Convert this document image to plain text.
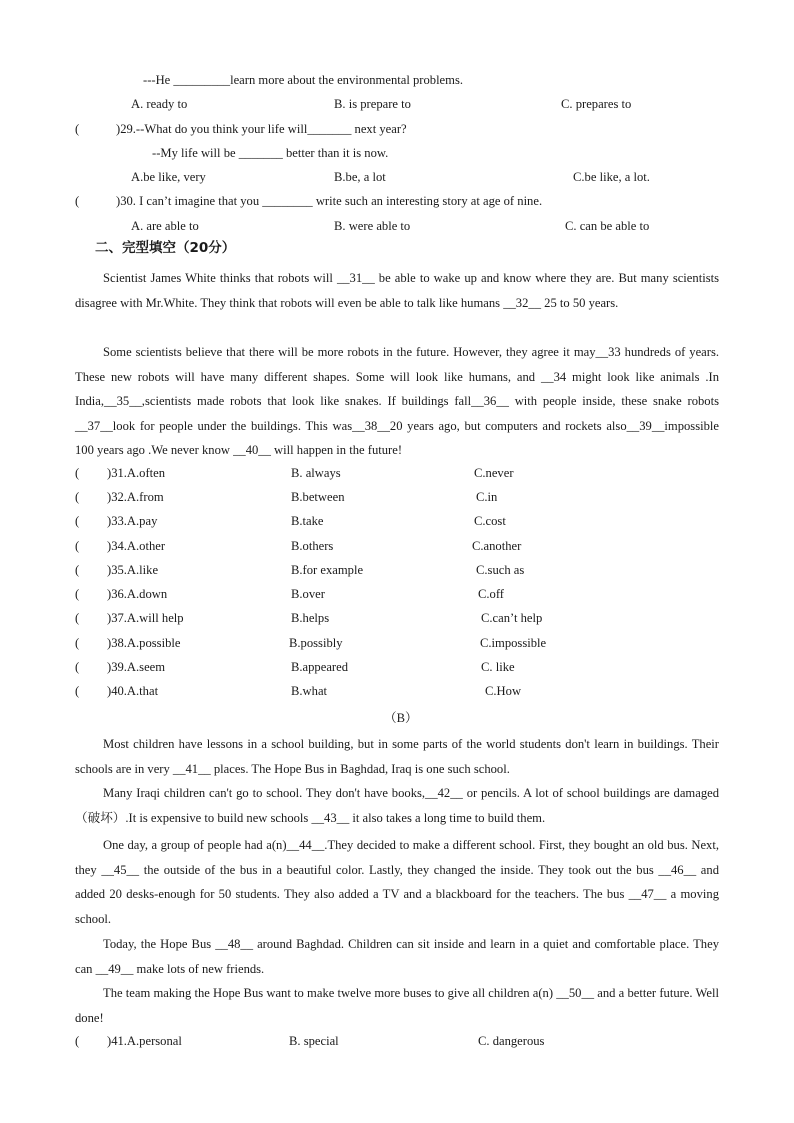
---He _________learn more about the environmental problems.
A. ready to	B. is prepare to	C. prepares to
(	)29.--What do you think your life will_______ next year?
--My life will be _______ better than it is now.
A.be like, very	B.be, a lot	C.be like, a lot.
(	)30. I can’t imagine that you ________ write such an interesting story at age of nine.
A. are able to	B. were able to	C. can be able to
二、完型填空（20分）
Scientist James White thinks that robots will __31__ be able to wake up and know where they are. But many scientists disagree with Mr.White. They think that robots will even be able to talk like humans __32__ 25 to 50 years.
Some scientists believe that there will be more robots in the future. However, they agree it may__33 hundreds of years. These new robots will have many different shapes. Some will look like humans, and __34 might look like animals .In India,__35__,scientists made robots that look like snakes. If buildings fall__36__ with people inside, these snake robots __37__look for people under the buildings. This was__38__20 years ago, but computers and rockets also__39__impossible 100 years ago .We never know __40__ will happen in the future!
( )31.A.often	B. always	C.never
( )32.A.from	B.between	C.in
( )33.A.pay	B.take	C.cost
( )34.A.other	B.others	C.another
( )35.A.like	B.for example	C.such as
( )36.A.down	B.over	C.off
( )37.A.will help	B.helps	C.can’t help
( )38.A.possible	B.possibly	C.impossible
( )39.A.seem	B.appeared	C. like
( )40.A.that	B.what	C.How
（B）
Most children have lessons in a school building, but in some parts of the world students don't learn in buildings. Their schools are in very __41__ places. The Hope Bus in Baghdad, Iraq is one such school.
Many Iraqi children can't go to school. They don't have books,__42__ or pencils. A lot of school buildings are damaged（破坏）.It is expensive to build new schools __43__ it also takes a long time to build them.
One day, a group of people had a(n)__44__.They decided to make a different school. First, they bought an old bus. Next, they __45__ the outside of the bus in a beautiful color. Lastly, they changed the inside. They took out the bus __46__ and added 20 desks-enough for 50 students. They also added a TV and a blackboard for the teachers. The bus __47__ a moving school.
Today, the Hope Bus __48__ around Baghdad. Children can sit inside and learn in a quiet and comfortable place. They can __49__ make lots of new friends.
The team making the Hope Bus want to make twelve more buses to give all children a(n) __50__ and a better future. Well done!
( )41.A.personal	B. special	C. dangerous
